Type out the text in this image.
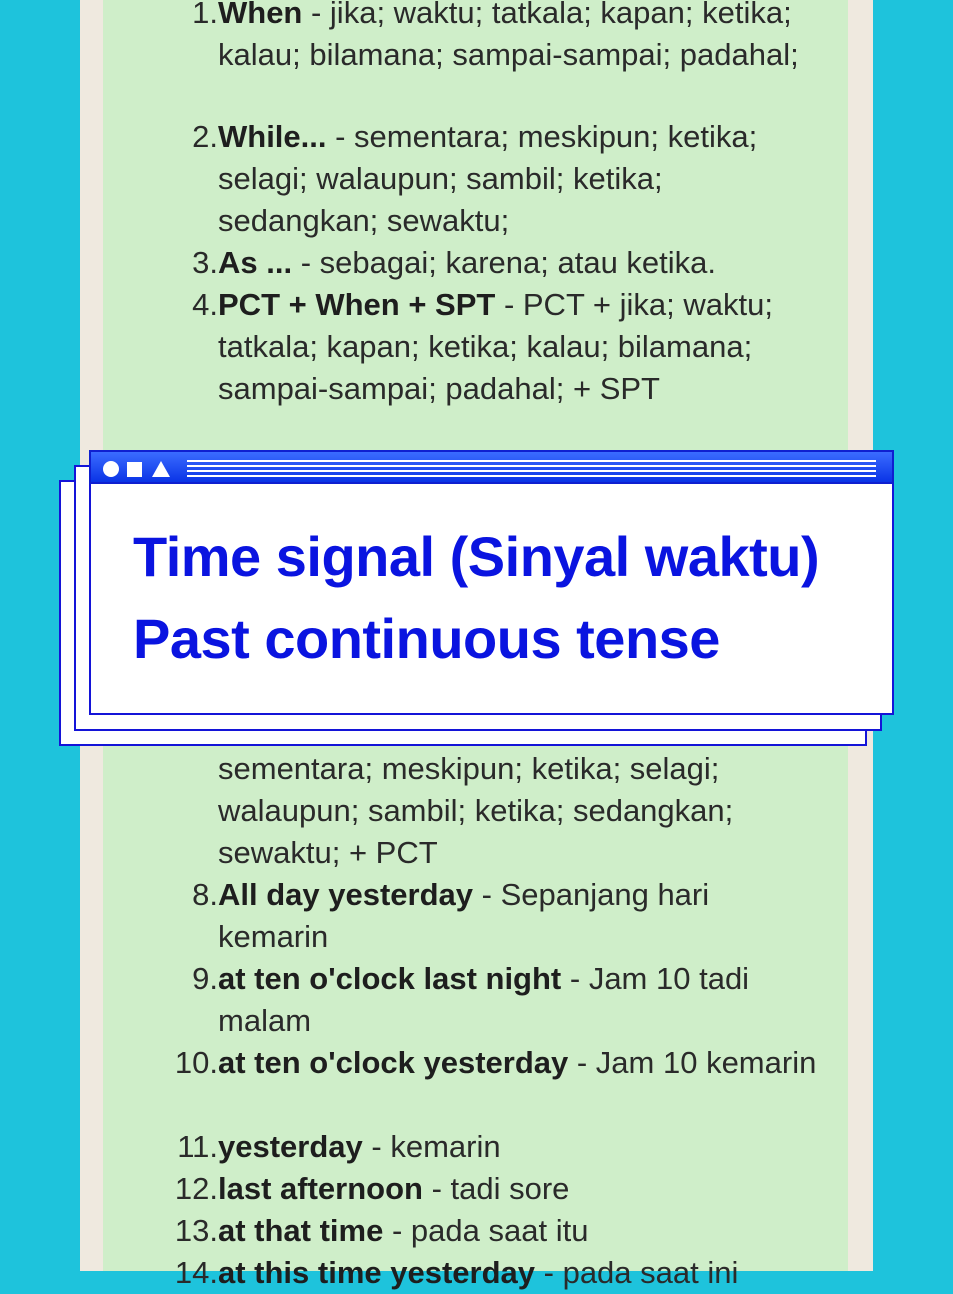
1. When - jika; waktu; tatkala; kapan; ketika; kalau; bilamana; sampai-sampai; padahal;
2. While... - sementara; meskipun; ketika; selagi; walaupun; sambil; ketika; sedangkan; sewaktu;
3. As ... - sebagai; karena; atau ketika.
4. PCT + When + SPT - PCT + jika; waktu; tatkala; kapan; ketika; kalau; bilamana; sampai-sampai; padahal; + SPT
sementara; meskipun; ketika; selagi; walaupun; sambil; ketika; sedangkan; sewaktu; + PCT
8. All day yesterday - Sepanjang hari kemarin
9. at ten o'clock last night - Jam 10 tadi malam
10. at ten o'clock yesterday - Jam 10 kemarin
11. yesterday - kemarin
12. last afternoon - tadi sore
13. at that time - pada saat itu
14. at this time yesterday - pada saat ini
Time signal (Sinyal waktu)
Past continuous tense
